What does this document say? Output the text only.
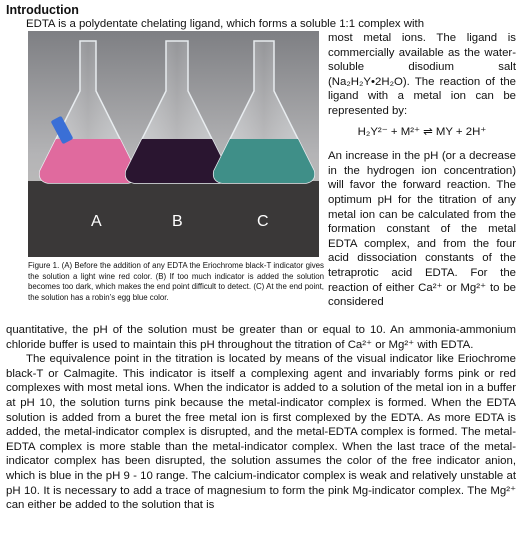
Introduction
EDTA is a polydentate chelating ligand, which forms a soluble 1:1 complex with
A	B	C
Figure 1. (A) Before the addition of any EDTA the Eriochrome black-T indicator gives the solution a light wine red color. (B) If too much indicator is added the solution becomes too dark, which makes the end point difficult to detect. (C) At the end point, the solution has a robin’s egg blue color.

most metal ions. The ligand is commercially available as the water-soluble disodium salt (Na₂H₂Y•2H₂O). The reaction of the ligand with a metal ion can be represented by:

H₂Y²⁻ + M²⁺ ⇌ MY + 2H⁺

An increase in the pH (or a decrease in the hydrogen ion concentration) will favor the forward reaction. The optimum pH for the titration of any metal ion can be calculated from the formation constant of the metal EDTA complex, and from the four acid dissociation constants of the tetraprotic acid EDTA. For the reaction of either Ca²⁺ or Mg²⁺ to be considered

quantitative, the pH of the solution must be greater than or equal to 10. An ammonia-ammonium chloride buffer is used to maintain this pH throughout the titration of Ca²⁺ or Mg²⁺ with EDTA.

The equivalence point in the titration is located by means of the visual indicator like Eriochrome black-T or Calmagite. This indicator is itself a complexing agent and invariably forms pink or red complexes with most metal ions. When the indicator is added to a solution of the metal ion in a buffer at pH 10, the solution turns pink because the metal-indicator complex is formed. When the EDTA solution is added from a buret the free metal ion is first complexed by the EDTA. As more EDTA is added, the metal-indicator complex is disrupted, and the metal-EDTA complex is formed. The metal-EDTA complex is more stable than the metal-indicator complex. When the last trace of the metal-indicator complex has been disrupted, the solution assumes the color of the free indicator anion, which is blue in the pH 9 - 10 range. The calcium-indicator complex is weak and relatively unstable at pH 10. It is necessary to add a trace of magnesium to form the pink Mg-indicator complex. The Mg²⁺ can either be added to the solution that is
